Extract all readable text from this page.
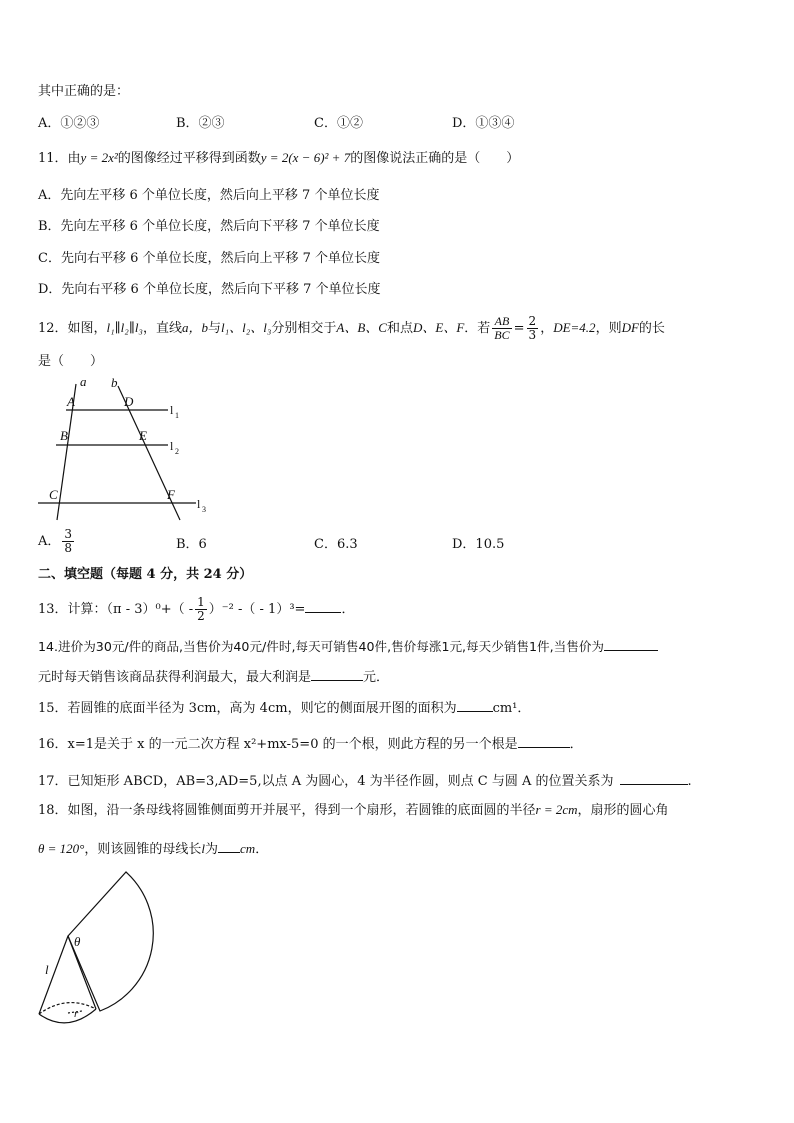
其中正确的是：
A．①②③	B．②③	C．①②	D．①③④
11．由y = 2x²的图像经过平移得到函数y = 2(x − 6)² + 7的图像说法正确的是（　　）
A．先向左平移 6 个单位长度，然后向上平移 7 个单位长度
B．先向左平移 6 个单位长度，然后向下平移 7 个单位长度
C．先向右平移 6 个单位长度，然后向上平移 7 个单位长度
D．先向右平移 6 个单位长度，然后向下平移 7 个单位长度
12．如图，l₁∥l₂∥l₃，直线a，b与l₁、l₂、l₃分别相交于A、B、C和点D、E、F．若 $\frac{AB}{BC} = \frac{2}{3}$ ，DE=4.2，则DF的长
是（　　）
a b
A	D
B	E
C	F
l 1
l 2
l 3
A． $\frac{3}{8}$	B．6	C．6.3	D．10.5
二、填空题（每题 4 分，共 24 分）
13．计算：$(\pi - 3)^0+( - \frac{1}{2} )^{-2}$ -（ - 1）³=	．
14.进价为30元/件的商品,当售价为40元/件时,每天可销售40件,售价每涨1元,每天少销售1件,当售价为
元时每天销售该商品获得利润最大，最大利润是	元．
15．若圆锥的底面半径为 3cm，高为 4cm，则它的侧面展开图的面积为	cm¹．
16．x=1是关于 x 的一元二次方程 x²+mx-5=0 的一个根，则此方程的另一个根是	．
17．已知矩形 ABCD，AB=3,AD=5,以点 A 为圆心，4 为半径作圆，则点 C 与圆 A 的位置关系为	.
18．如图，沿一条母线将圆锥侧面剪开并展平，得到一个扇形，若圆锥的底面圆的半径r = 2cm，扇形的圆心角
θ = 120°，则该圆锥的母线长l为 cm．
θ
l
r
